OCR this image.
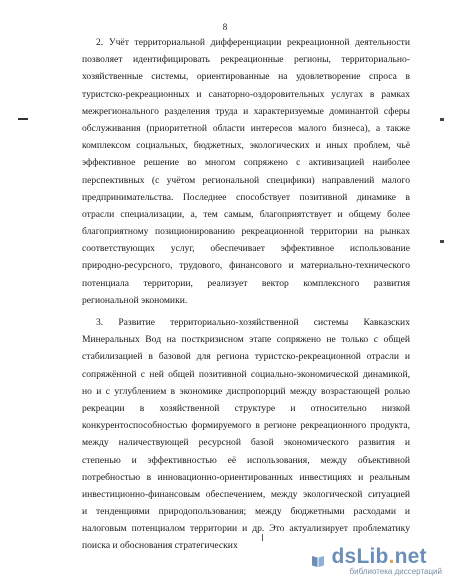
8
2. Учёт территориальной дифференциации рекреационной деятельности
позволяет идентифицировать рекреационные регионы, территориально-
хозяйственные системы, ориентированные на удовлетворение спроса в
туристско-рекреационных и санаторно-оздоровительных услугах в рамках
межрегионального разделения труда и характеризуемые доминантой сферы
обслуживания (приоритетной области интересов малого бизнеса), а также
комплексом социальных, бюджетных, экологических и иных проблем, чьё
эффективное решение во многом сопряжено с активизацией наиболее
перспективных (с учётом региональной специфики) направлений малого
предпринимательства. Последнее способствует позитивной динамике в
отрасли специализации, а, тем самым, благоприятствует и общему более
благоприятному позиционированию рекреационной территории на рынках
соответствующих услуг, обеспечивает эффективное использование
природно-ресурсного, трудового, финансового и материально-технического
потенциала территории, реализует вектор комплексного развития
региональной экономики.
3. Развитие территориально-хозяйственной системы Кавказских
Минеральных Вод на посткризисном этапе сопряжено не только с общей
стабилизацией в базовой для региона туристско-рекреационной отрасли и
сопряжённой с ней общей позитивной социально-экономической динамикой,
но и с углублением в экономике диспропорций между возрастающей ролью
рекреации в хозяйственной структуре и относительно низкой
конкурентоспособностью формируемого в регионе рекреационного продукта,
между наличествующей ресурсной базой экономического развития и
степенью и эффективностью её использования, между объективной
потребностью в инновационно-ориентированных инвестициях и реальным
инвестиционно-финансовым обеспечением, между экологической ситуацией
и тенденциями природопользования; между бюджетными расходами и
налоговым потенциалом территории и др. Это актуализирует проблематику
поиска и обоснования стратегических	dsLib.net
библиотека диссертаций
